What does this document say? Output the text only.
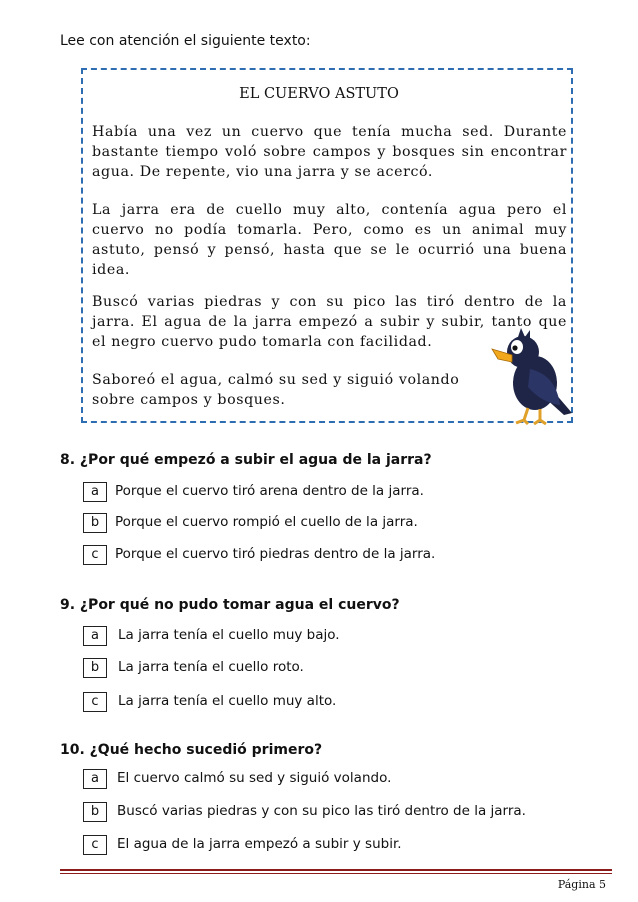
Lee con atención el siguiente texto:
EL CUERVO ASTUTO

Había una vez un cuervo que tenía mucha sed. Durante bastante tiempo voló sobre campos y bosques sin encontrar agua. De repente, vio una jarra y se acercó.

La jarra era de cuello muy alto, contenía agua pero el cuervo no podía tomarla. Pero, como es un animal muy astuto, pensó y pensó, hasta que se le ocurrió una buena idea.

Buscó varias piedras y con su pico las tiró dentro de la jarra. El agua de la jarra empezó a subir y subir, tanto que el negro cuervo pudo tomarla con facilidad.

Saboreó el agua, calmó su sed y siguió volando sobre campos y bosques.

8. ¿Por qué empezó a subir el agua de la jarra?
a	Porque el cuervo tiró arena dentro de la jarra.
b	Porque el cuervo rompió el cuello de la jarra.
c	Porque el cuervo tiró piedras dentro de la jarra.
9. ¿Por qué no pudo tomar agua el cuervo?
a	La jarra tenía el cuello muy bajo.
b	La jarra tenía el cuello roto.
c	La jarra tenía el cuello muy alto.
10. ¿Qué hecho sucedió primero?
a	El cuervo calmó su sed y siguió volando.
b	Buscó varias piedras y con su pico las tiró dentro de la jarra.
c	El agua de la jarra empezó a subir y subir.
Página 5
